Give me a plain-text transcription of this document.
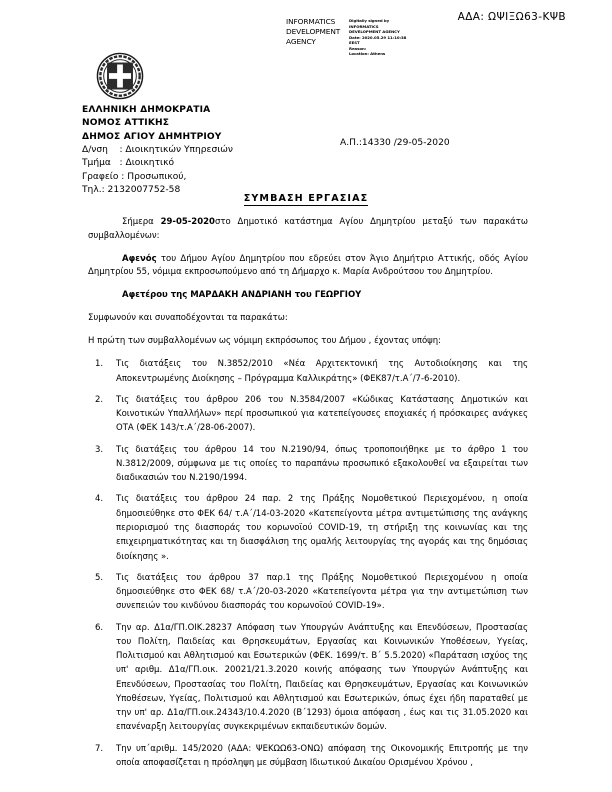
ΑΔΑ: ΩΨΙΞΩ63-ΚΨΒ
INFORMATICS DEVELOPMENT AGENCY
Digitally signed by
INFORMATICS
DEVELOPMENT AGENCY
Date: 2020.05.29 11:10:38
EEST
Reason:
Location: Athens
ΕΛΛΗΝΙΚΗ ΔΗΜΟΚΡΑΤΙΑ
ΝΟΜΟΣ ΑΤΤΙΚΗΣ
ΔΗΜΟΣ ΑΓΙΟΥ ΔΗΜΗΤΡΙΟΥ
Δ/νση    : Διοικητικών Υπηρεσιών
Τμήμα   : Διοικητικό
Γραφείο : Προσωπικού,
Τηλ.: 2132007752-58
Α.Π.:14330 /29-05-2020
ΣΥΜΒΑΣΗ ΕΡΓΑΣΙΑΣ

Σήμερα 29-05-2020στο Δημοτικό κατάστημα Αγίου Δημητρίου μεταξύ των παρακάτω συμβαλλομένων:

Αφενός του Δήμου Αγίου Δημητρίου που εδρεύει στον Άγιο Δημήτριο Αττικής, οδός Αγίου Δημητρίου 55, νόμιμα εκπροσωπούμενο από τη Δήμαρχο κ. Μαρία Ανδρούτσου του Δημητρίου.

Αφετέρου της ΜΑΡΔΑΚΗ ΑΝΔΡΙΑΝΗ του ΓΕΩΡΓΙΟΥ

Συμφωνούν και συναποδέχονται τα παρακάτω:

Η πρώτη των συμβαλλομένων ως νόμιμη εκπρόσωπος του Δήμου , έχοντας υπόψη:

Τις διατάξεις του Ν.3852/2010 «Νέα Αρχιτεκτονική της Αυτοδιοίκησης και της Αποκεντρωμένης Διοίκησης – Πρόγραμμα Καλλικράτης» (ΦΕΚ87/τ.Α΄/7-6-2010).
Τις διατάξεις του άρθρου 206 του Ν.3584/2007 «Κώδικας Κατάστασης Δημοτικών και Κοινοτικών Υπαλλήλων» περί προσωπικού για κατεπείγουσες εποχιακές ή πρόσκαιρες ανάγκες ΟΤΑ (ΦΕΚ 143/τ.Α΄/28-06-2007).
Τις διατάξεις του άρθρου 14 του Ν.2190/94, όπως τροποποιήθηκε με το άρθρο 1 του Ν.3812/2009, σύμφωνα με τις οποίες το παραπάνω προσωπικό εξακολουθεί να εξαιρείται των διαδικασιών του Ν.2190/1994.
Τις διατάξεις του άρθρου 24 παρ. 2 της Πράξης Νομοθετικού Περιεχομένου, η οποία δημοσιεύθηκε στο ΦΕΚ 64/ τ.Α΄/14-03-2020 «Κατεπείγοντα μέτρα αντιμετώπισης της ανάγκης περιορισμού της διασποράς του κορωνοϊού COVID-19, τη στήριξη της κοινωνίας και της επιχειρηματικότητας και τη διασφάλιση της ομαλής λειτουργίας της αγοράς και της δημόσιας διοίκησης ».
Τις διατάξεις του άρθρου 37 παρ.1 της Πράξης Νομοθετικού Περιεχομένου η οποία δημοσιεύθηκε στο ΦΕΚ 68/ τ.Α΄/20-03-2020 «Κατεπείγοντα μέτρα για την αντιμετώπιση των συνεπειών του κινδύνου διασποράς του κορωνοϊού COVID-19».
Την αρ. Δ1α/ΓΠ.ΟΙΚ.28237 Απόφαση των Υπουργών Ανάπτυξης και Επενδύσεων, Προστασίας του Πολίτη, Παιδείας και Θρησκευμάτων, Εργασίας και Κοινωνικών Υποθέσεων, Υγείας, Πολιτισμού και Αθλητισμού και Εσωτερικών (ΦΕΚ. 1699/τ. Β΄ 5.5.2020) «Παράταση ισχύος της υπ' αριθμ. Δ1α/ΓΠ.οικ. 20021/21.3.2020 κοινής απόφασης των Υπουργών Ανάπτυξης και Επενδύσεων, Προστασίας του Πολίτη, Παιδείας και Θρησκευμάτων, Εργασίας και Κοινωνικών Υποθέσεων, Υγείας, Πολιτισμού και Αθλητισμού και Εσωτερικών, όπως έχει ήδη παραταθεί με την υπ' αρ. Δ1α/ΓΠ.οικ.24343/10.4.2020 (Β΄1293) όμοια απόφαση , έως και τις 31.05.2020 και επανέναρξη λειτουργίας συγκεκριμένων εκπαιδευτικών δομών.
Την υπ΄αριθμ. 145/2020 (ΑΔΑ: ΨΕΚΩΩ63-ΟΝΩ) απόφαση της Οικονομικής Επιτροπής με την οποία αποφασίζεται η πρόσληψη με σύμβαση Ιδιωτικού Δικαίου Ορισμένου Χρόνου ,
